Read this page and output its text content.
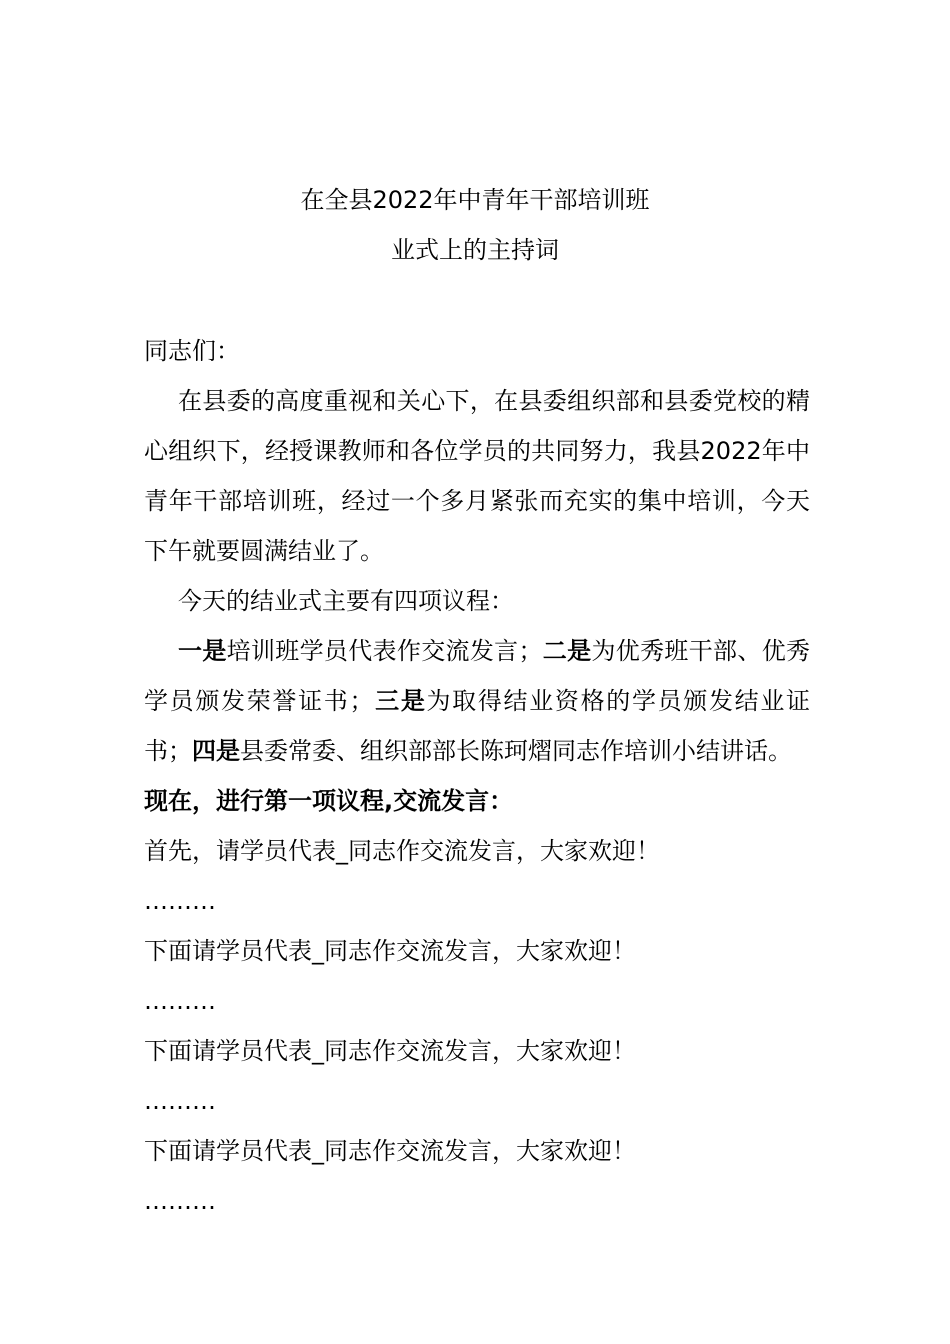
在全县2022年中青年干部培训班
业式上的主持词

同志们：

在县委的高度重视和关心下，在县委组织部和县委党校的精心组织下，经授课教师和各位学员的共同努力，我县2022年中青年干部培训班，经过一个多月紧张而充实的集中培训，今天下午就要圆满结业了。

今天的结业式主要有四项议程：

一是培训班学员代表作交流发言；二是为优秀班干部、优秀学员颁发荣誉证书；三是为取得结业资格的学员颁发结业证书；四是县委常委、组织部部长陈珂熠同志作培训小结讲话。

现在，进行第一项议程,交流发言：

首先，请学员代表_同志作交流发言，大家欢迎！

………

下面请学员代表_同志作交流发言，大家欢迎！

………

下面请学员代表_同志作交流发言，大家欢迎！

………

下面请学员代表_同志作交流发言，大家欢迎！

………
